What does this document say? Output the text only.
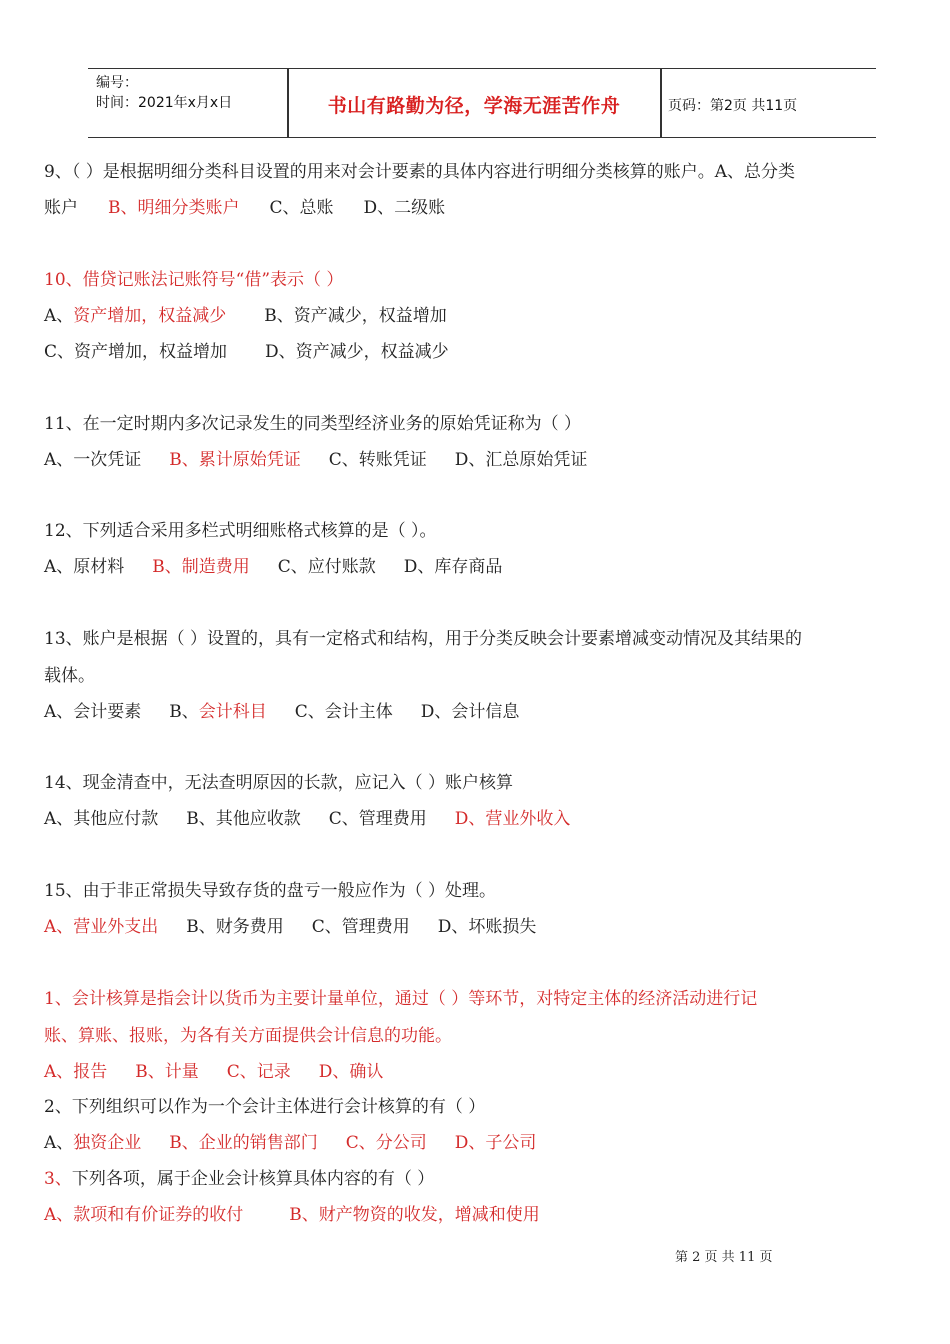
编号：
时间：2021年x月x日	书山有路勤为径，学海无涯苦作舟	页码：第2页 共11页
9、（ ）是根据明细分类科目设置的用来对会计要素的具体内容进行明细分类核算的账户。A、总分类
账户 B、明细分类账户 C、总账 D、二级账
10、借贷记账法记账符号“借”表示（ ）
A、资产增加，权益减少 B、资产减少，权益增加
C、资产增加，权益增加 D、资产减少，权益减少
11、在一定时期内多次记录发生的同类型经济业务的原始凭证称为（ ）
A、一次凭证 B、累计原始凭证 C、转账凭证 D、汇总原始凭证
12、下列适合采用多栏式明细账格式核算的是（ ）。
A、原材料 B、制造费用 C、应付账款 D、库存商品
13、账户是根据（ ）设置的，具有一定格式和结构，用于分类反映会计要素增减变动情况及其结果的
载体。
A、会计要素 B、会计科目 C、会计主体 D、会计信息
14、现金清查中，无法查明原因的长款，应记入（ ）账户核算
A、其他应付款 B、其他应收款 C、管理费用 D、营业外收入
15、由于非正常损失导致存货的盘亏一般应作为（ ）处理。
A、营业外支出 B、财务费用 C、管理费用 D、坏账损失
1、会计核算是指会计以货币为主要计量单位，通过（ ）等环节，对特定主体的经济活动进行记
账、算账、报账，为各有关方面提供会计信息的功能。
A、报告 B、计量 C、记录 D、确认
2、下列组织可以作为一个会计主体进行会计核算的有（ ）
A、独资企业 B、企业的销售部门 C、分公司 D、子公司
3、下列各项，属于企业会计核算具体内容的有（ ）
A、款项和有价证券的收付	B、财产物资的收发，增减和使用
第 2 页 共 11 页
